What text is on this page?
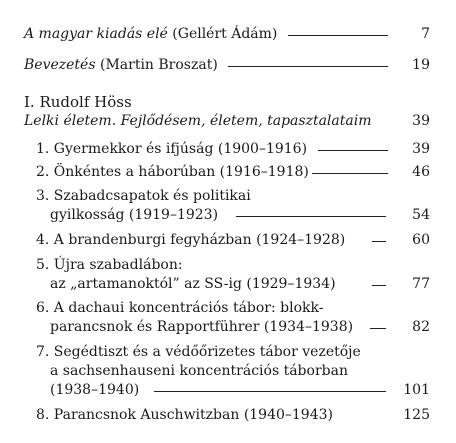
A magyar kiadás elé (Gellért Ádám)	7
Bevezetés (Martin Broszat)	19
I. Rudolf Höss
Lelki életem. Fejlődésem, életem, tapasztalataim	39
1. Gyermekkor és ifjúság (1900–1916)	39
2. Önkéntes a háborúban (1916–1918)	46
3. Szabadcsapatok és politikai
gyilkosság (1919–1923)	54
4. A brandenburgi fegyházban (1924–1928)	60
5. Újra szabadlábon:
az „artamanoktól” az SS-ig (1929–1934)	77
6. A dachaui koncentrációs tábor: blokk-
parancsnok és Rapportführer (1934–1938)	82
7. Segédtiszt és a védőőrizetes tábor vezetője
a sachsenhauseni koncentrációs táborban
(1938–1940)	101
8. Parancsnok Auschwitzban (1940–1943)	125
